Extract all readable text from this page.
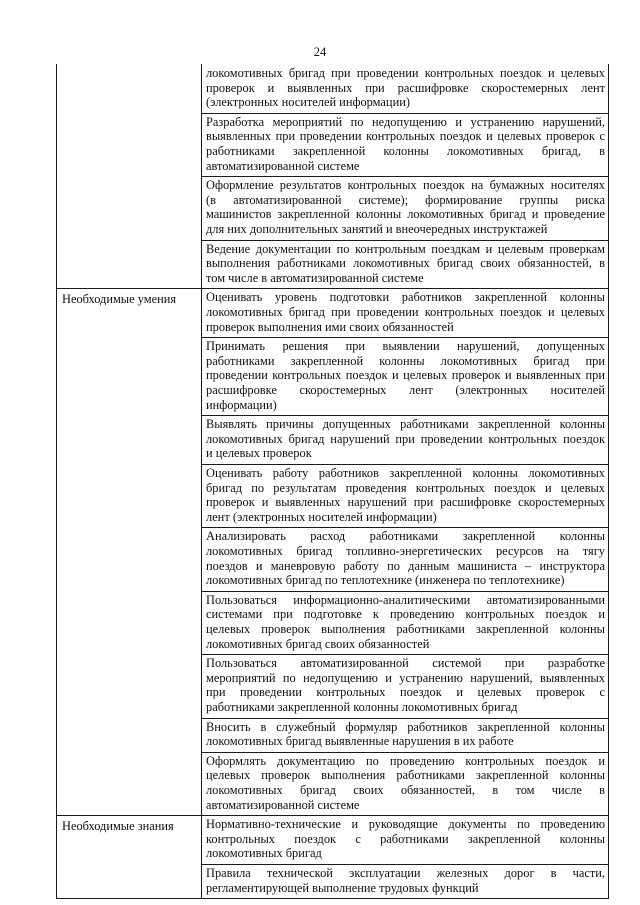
24
локомотивных бригад при проведении контрольных поездок и целевых
проверок и выявленных при расшифровке скоростемерных лент
(электронных носителей информации)
Разработка мероприятий по недопущению и устранению нарушений,
выявленных при проведении контрольных поездок и целевых проверок с
работниками закрепленной колонны локомотивных бригад, в
автоматизированной системе
Оформление результатов контрольных поездок на бумажных носителях
(в автоматизированной системе); формирование группы риска
машинистов закрепленной колонны локомотивных бригад и проведение
для них дополнительных занятий и внеочередных инструктажей
Ведение документации по контрольным поездкам и целевым проверкам
выполнения работниками локомотивных бригад своих обязанностей, в
том числе в автоматизированной системе
Необходимые умения	Оценивать уровень подготовки работников закрепленной колонны
локомотивных бригад при проведении контрольных поездок и целевых
проверок выполнения ими своих обязанностей
Принимать решения при выявлении нарушений, допущенных
работниками закрепленной колонны локомотивных бригад при
проведении контрольных поездок и целевых проверок и выявленных при
расшифровке скоростемерных лент (электронных носителей
информации)
Выявлять причины допущенных работниками закрепленной колонны
локомотивных бригад нарушений при проведении контрольных поездок
и целевых проверок
Оценивать работу работников закрепленной колонны локомотивных
бригад по результатам проведения контрольных поездок и целевых
проверок и выявленных нарушений при расшифровке скоростемерных
лент (электронных носителей информации)
Анализировать расход работниками закрепленной колонны
локомотивных бригад топливно-энергетических ресурсов на тягу
поездов и маневровую работу по данным машиниста – инструктора
локомотивных бригад по теплотехнике (инженера по теплотехнике)
Пользоваться информационно-аналитическими автоматизированными
системами при подготовке к проведению контрольных поездок и
целевых проверок выполнения работниками закрепленной колонны
локомотивных бригад своих обязанностей
Пользоваться автоматизированной системой при разработке
мероприятий по недопущению и устранению нарушений, выявленных
при проведении контрольных поездок и целевых проверок с
работниками закрепленной колонны локомотивных бригад
Вносить в служебный формуляр работников закрепленной колонны
локомотивных бригад выявленные нарушения в их работе
Оформлять документацию по проведению контрольных поездок и
целевых проверок выполнения работниками закрепленной колонны
локомотивных бригад своих обязанностей, в том числе в
автоматизированной системе
Необходимые знания	Нормативно-технические и руководящие документы по проведению
контрольных поездок с работниками закрепленной колонны
локомотивных бригад
Правила технической эксплуатации железных дорог в части,
регламентирующей выполнение трудовых функций
